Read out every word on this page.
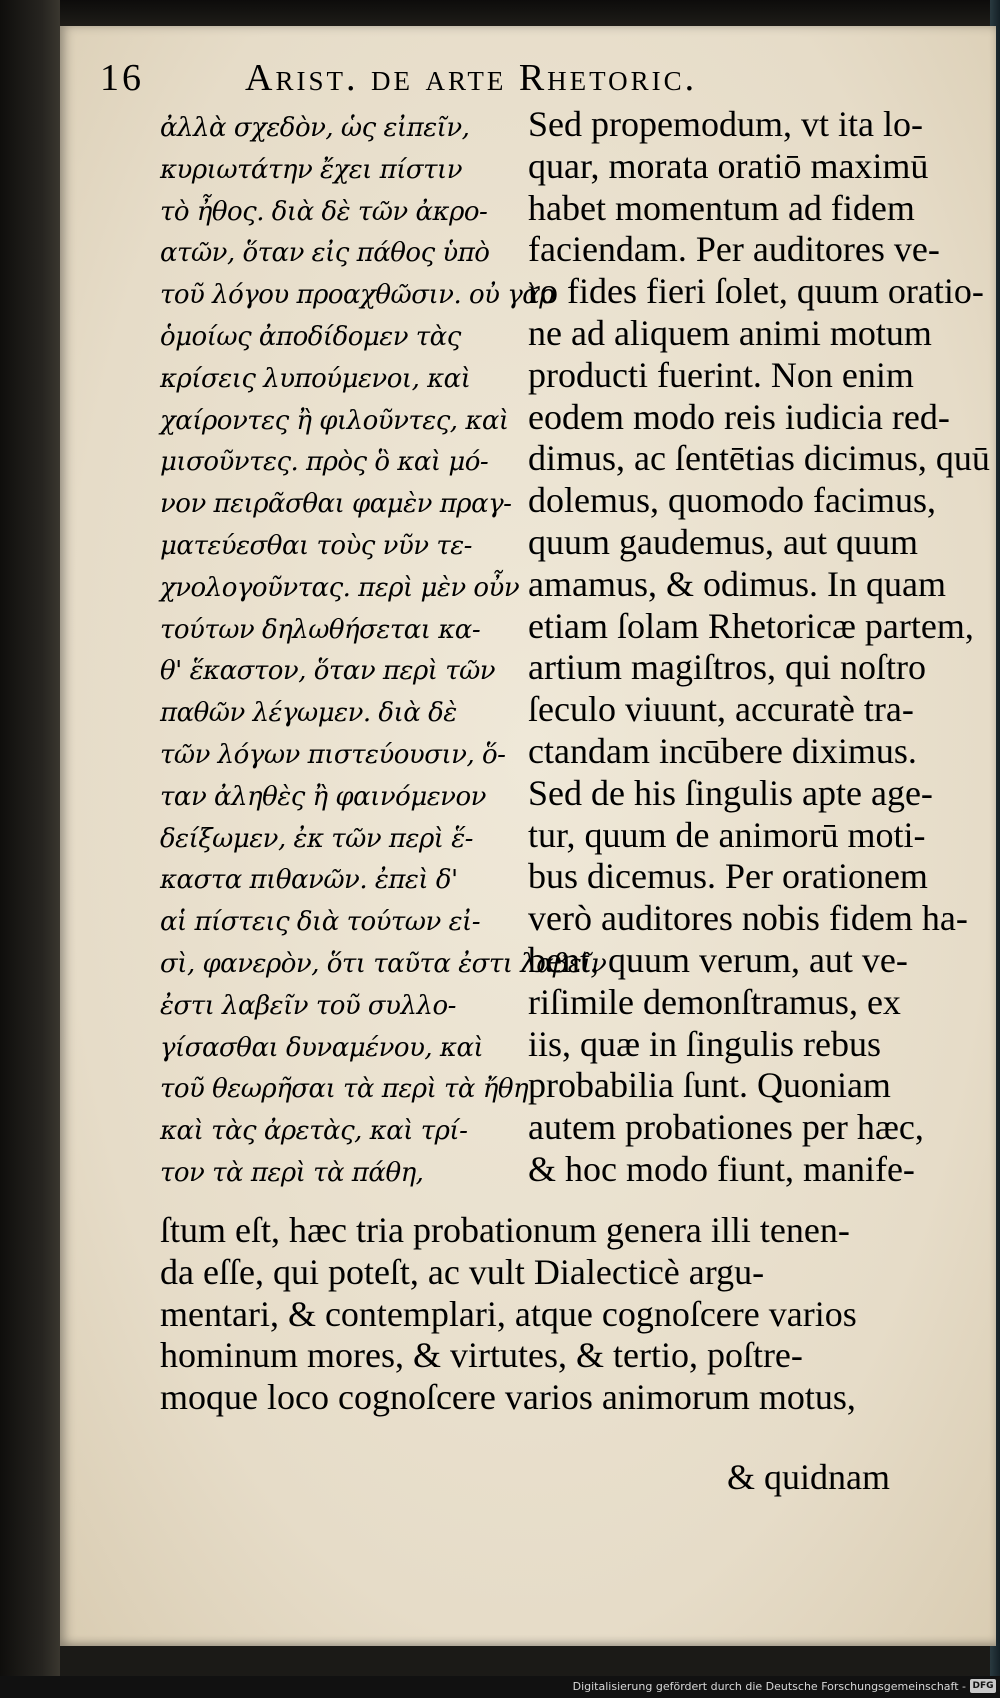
16	Arist. de arte Rhetoric.
ἀλλὰ σχεδὸν, ὡς εἰπεῖν,
κυριωτάτην ἔχει πίστιν
τὸ ἦθος. διὰ δὲ τῶν ἀκρο-
ατῶν, ὅταν εἰς πάθος ὑπὸ
τοῦ λόγου προαχθῶσιν. οὐ γὰρ
ὁμοίως ἀποδίδομεν τὰς
κρίσεις λυπούμενοι, καὶ
χαίροντες ἢ φιλοῦντες, καὶ
μισοῦντες. πρὸς ὃ καὶ μό-
νον πειρᾶσθαι φαμὲν πραγ-
ματεύεσθαι τοὺς νῦν τε-
χνολογοῦντας. περὶ μὲν οὖν
τούτων δηλωθήσεται κα-
θ' ἕκαστον, ὅταν περὶ τῶν
παθῶν λέγωμεν. διὰ δὲ
τῶν λόγων πιστεύουσιν, ὅ-
ταν ἀληθὲς ἢ φαινόμενον
δείξωμεν, ἐκ τῶν περὶ ἕ-
καστα πιθανῶν. ἐπεὶ δ'
αἱ πίστεις διὰ τούτων εἰ-
σὶ, φανερὸν, ὅτι ταῦτα ἐστι λαβεῖν
ἐστι λαβεῖν τοῦ συλλο-
γίσασθαι δυναμένου, καὶ
τοῦ θεωρῆσαι τὰ περὶ τὰ ἤθη
καὶ τὰς ἀρετὰς, καὶ τρί-
τον τὰ περὶ τὰ πάθη,
Sed propemodum, vt ita lo-
quar, morata oratiō maximū
habet momentum ad fidem
faciendam. Per auditores ve-
ro fides fieri ſolet, quum oratio-
ne ad aliquem animi motum
producti fuerint. Non enim
eodem modo reis iudicia red-
dimus, ac ſentētias dicimus, quū
dolemus, quomodo facimus,
quum gaudemus, aut quum
amamus, & odimus. In quam
etiam ſolam Rhetoricæ partem,
artium magiſtros, qui noſtro
ſeculo viuunt, accuratè tra-
ctandam incūbere diximus.
Sed de his ſingulis apte age-
tur, quum de animorū moti-
bus dicemus. Per orationem
verò auditores nobis fidem ha-
bent, quum verum, aut ve-
riſimile demonſtramus, ex
iis, quæ in ſingulis rebus
probabilia ſunt. Quoniam
autem probationes per hæc,
& hoc modo fiunt, manife-
ſtum eſt, hæc tria probationum genera illi tenen-
da eſſe, qui poteſt, ac vult Dialecticè argu-
mentari, & contemplari, atque cognoſcere varios
hominum mores, & virtutes, & tertio, poſtre-
moque loco cognoſcere varios animorum motus,
& quidnam
Digitalisierung gefördert durch die Deutsche Forschungsgemeinschaft - DFG
